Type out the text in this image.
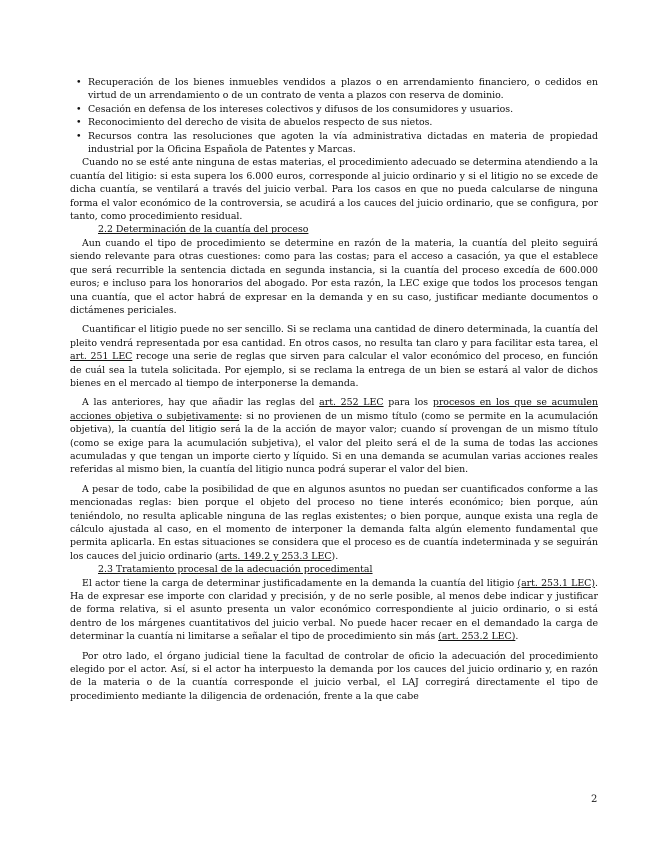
• Recuperación de los bienes inmuebles vendidos a plazos o en arrendamiento financiero, o cedidos en virtud de un arrendamiento o de un contrato de venta a plazos con reserva de dominio.
• Cesación en defensa de los intereses colectivos y difusos de los consumidores y usuarios.
• Reconocimiento del derecho de visita de abuelos respecto de sus nietos.
• Recursos contra las resoluciones que agoten la vía administrativa dictadas en materia de propiedad industrial por la Oficina Española de Patentes y Marcas.

Cuando no se esté ante ninguna de estas materias, el procedimiento adecuado se determina atendiendo a la cuantía del litigio: si esta supera los 6.000 euros, corresponde al juicio ordinario y si el litigio no se excede de dicha cuantía, se ventilará a través del juicio verbal. Para los casos en que no pueda calcularse de ninguna forma el valor económico de la controversia, se acudirá a los cauces del juicio ordinario, que se configura, por tanto, como procedimiento residual.

2.2 Determinación de la cuantía del proceso

Aun cuando el tipo de procedimiento se determine en razón de la materia, la cuantía del pleito seguirá siendo relevante para otras cuestiones: como para las costas; para el acceso a casación, ya que el establece que será recurrible la sentencia dictada en segunda instancia, si la cuantía del proceso excedía de 600.000 euros; e incluso para los honorarios del abogado. Por esta razón, la LEC exige que todos los procesos tengan una cuantía, que el actor habrá de expresar en la demanda y en su caso, justificar mediante documentos o dictámenes periciales.

Cuantificar el litigio puede no ser sencillo. Si se reclama una cantidad de dinero determinada, la cuantía del pleito vendrá representada por esa cantidad. En otros casos, no resulta tan claro y para facilitar esta tarea, el art. 251 LEC recoge una serie de reglas que sirven para calcular el valor económico del proceso, en función de cuál sea la tutela solicitada. Por ejemplo, si se reclama la entrega de un bien se estará al valor de dichos bienes en el mercado al tiempo de interponerse la demanda.

A las anteriores, hay que añadir las reglas del art. 252 LEC para los procesos en los que se acumulen acciones objetiva o subjetivamente: si no provienen de un mismo título (como se permite en la acumulación objetiva), la cuantía del litigio será la de la acción de mayor valor; cuando sí provengan de un mismo título (como se exige para la acumulación subjetiva), el valor del pleito será el de la suma de todas las acciones acumuladas y que tengan un importe cierto y líquido. Si en una demanda se acumulan varias acciones reales referidas al mismo bien, la cuantía del litigio nunca podrá superar el valor del bien.

A pesar de todo, cabe la posibilidad de que en algunos asuntos no puedan ser cuantificados conforme a las mencionadas reglas: bien porque el objeto del proceso no tiene interés económico; bien porque, aún teniéndolo, no resulta aplicable ninguna de las reglas existentes; o bien porque, aunque exista una regla de cálculo ajustada al caso, en el momento de interponer la demanda falta algún elemento fundamental que permita aplicarla. En estas situaciones se considera que el proceso es de cuantía indeterminada y se seguirán los cauces del juicio ordinario (arts. 149.2 y 253.3 LEC).

2.3 Tratamiento procesal de la adecuación procedimental

El actor tiene la carga de determinar justificadamente en la demanda la cuantía del litigio (art. 253.1 LEC). Ha de expresar ese importe con claridad y precisión, y de no serle posible, al menos debe indicar y justificar de forma relativa, si el asunto presenta un valor económico correspondiente al juicio ordinario, o si está dentro de los márgenes cuantitativos del juicio verbal. No puede hacer recaer en el demandado la carga de determinar la cuantía ni limitarse a señalar el tipo de procedimiento sin más (art. 253.2 LEC).

Por otro lado, el órgano judicial tiene la facultad de controlar de oficio la adecuación del procedimiento elegido por el actor. Así, si el actor ha interpuesto la demanda por los cauces del juicio ordinario y, en razón de la materia o de la cuantía corresponde el juicio verbal, el LAJ corregirá directamente el tipo de procedimiento mediante la diligencia de ordenación, frente a la que cabe

2
